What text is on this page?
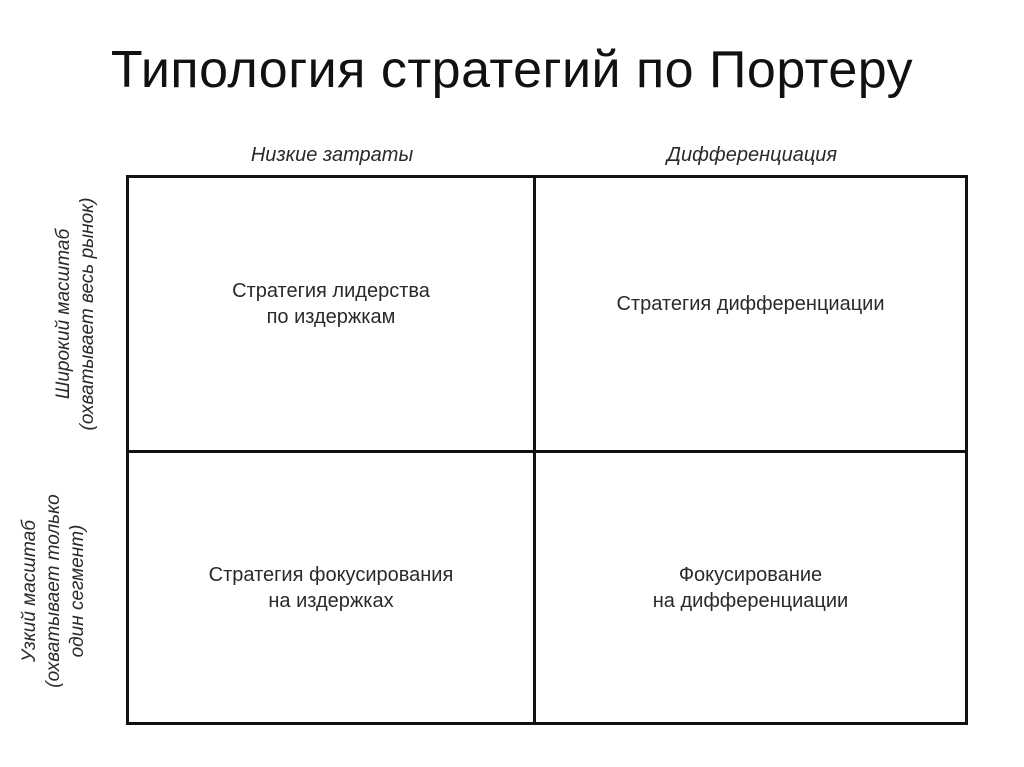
Типология стратегий по Портеру
Низкие затраты	Дифференциация
Широкий масштаб (охватывает весь рынок)
Узкий масштаб (охватывает только один сегмент)
Стратегия лидерства
по издержкам
Стратегия дифференциации
Стратегия фокусирования
на издержках
Фокусирование
на дифференциации
